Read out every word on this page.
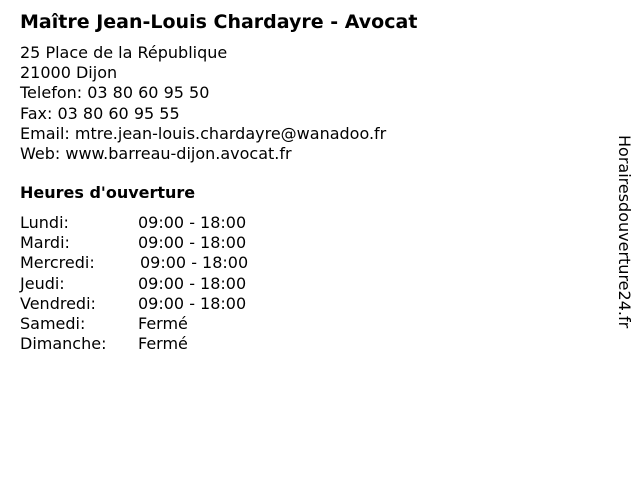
Maître Jean-Louis Chardayre - Avocat
25 Place de la République
21000 Dijon
Telefon: 03 80 60 95 50
Fax: 03 80 60 95 55
Email: mtre.jean-louis.chardayre@wanadoo.fr
Web: www.barreau-dijon.avocat.fr
Heures d'ouverture
Lundi:	09:00 - 18:00
Mardi:	09:00 - 18:00
Mercredi:	09:00 - 18:00
Jeudi:	09:00 - 18:00
Vendredi:	09:00 - 18:00
Samedi:	Fermé
Dimanche: Fermé
Horairesdouverture24.fr
